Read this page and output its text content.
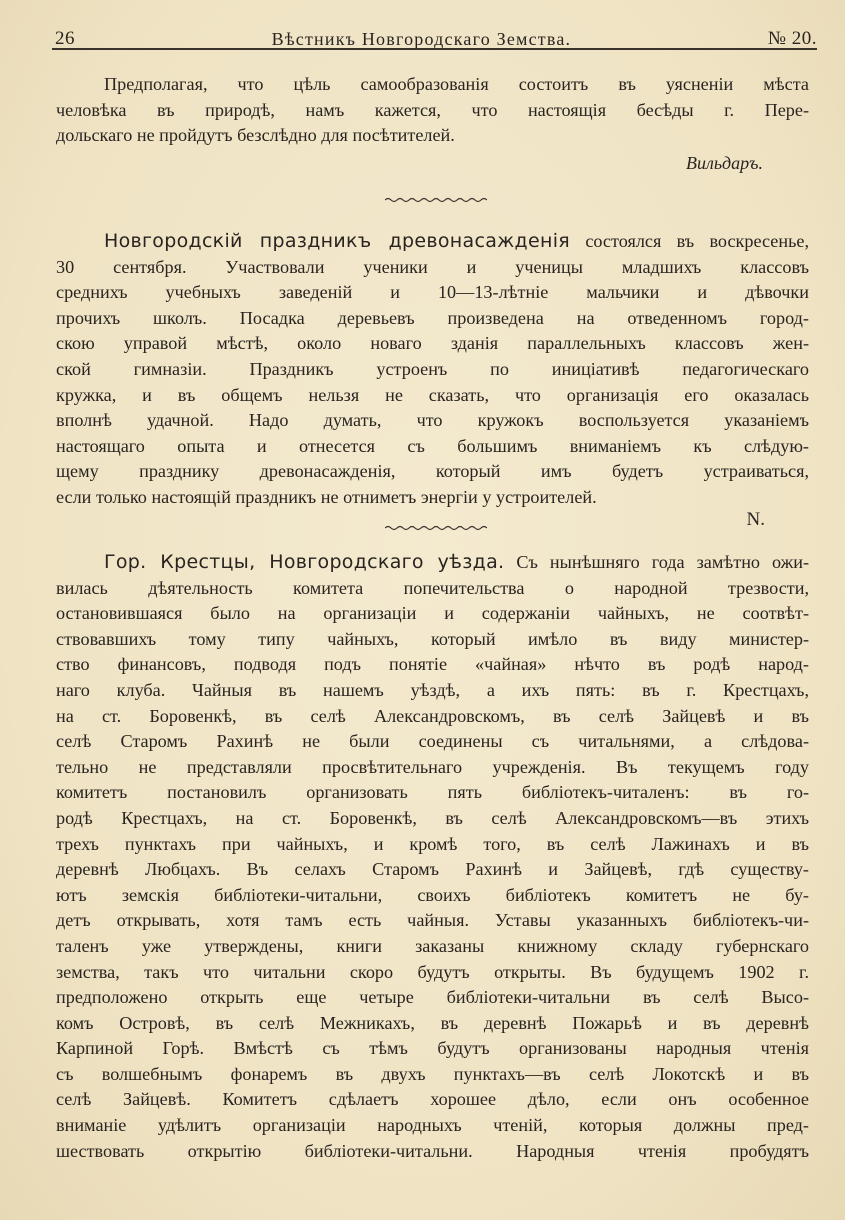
26	Вѣстникъ Новгородскаго Земства.	№ 20.
Предполагая, что цѣль самообразованія состоитъ въ уясненіи мѣста
человѣка въ природѣ, намъ кажется, что настоящія бесѣды г. Пере-
дольскаго не пройдутъ безслѣдно для посѣтителей.
Вильдаръ.
Новгородскій праздникъ древонасажденія состоялся въ воскресенье,
30 сентября. Участвовали ученики и ученицы младшихъ классовъ
среднихъ учебныхъ заведеній и 10—13-лѣтніе мальчики и дѣвочки
прочихъ школъ. Посадка деревьевъ произведена на отведенномъ город-
скою управой мѣстѣ, около новаго зданія параллельныхъ классовъ жен-
ской гимназіи. Праздникъ устроенъ по иниціативѣ педагогическаго
кружка, и въ общемъ нельзя не сказать, что организація его оказалась
вполнѣ удачной. Надо думать, что кружокъ воспользуется указаніемъ
настоящаго опыта и отнесется съ большимъ вниманіемъ къ слѣдую-
щему празднику древонасажденія, который имъ будетъ устраиваться,
если только настоящій праздникъ не отниметъ энергіи у устроителей.
N.
Гор. Крестцы, Новгородскаго уѣзда. Съ нынѣшняго года замѣтно ожи-
вилась дѣятельность комитета попечительства о народной трезвости,
остановившаяся было на организаціи и содержаніи чайныхъ, не соотвѣт-
ствовавшихъ тому типу чайныхъ, который имѣло въ виду министер-
ство финансовъ, подводя подъ понятіе «чайная» нѣчто въ родѣ народ-
наго клуба. Чайныя въ нашемъ уѣздѣ, а ихъ пять: въ г. Крестцахъ,
на ст. Боровенкѣ, въ селѣ Александровскомъ, въ селѣ Зайцевѣ и въ
селѣ Старомъ Рахинѣ не были соединены съ читальнями, а слѣдова-
тельно не представляли просвѣтительнаго учрежденія. Въ текущемъ году
комитетъ постановилъ организовать пять библіотекъ-читаленъ: въ го-
родѣ Крестцахъ, на ст. Боровенкѣ, въ селѣ Александровскомъ—въ этихъ
трехъ пунктахъ при чайныхъ, и кромѣ того, въ селѣ Лажинахъ и въ
деревнѣ Любцахъ. Въ селахъ Старомъ Рахинѣ и Зайцевѣ, гдѣ существу-
ютъ земскія библіотеки-читальни, своихъ библіотекъ комитетъ не бу-
детъ открывать, хотя тамъ есть чайныя. Уставы указанныхъ библіотекъ-чи-
таленъ уже утверждены, книги заказаны книжному складу губернскаго
земства, такъ что читальни скоро будутъ открыты. Въ будущемъ 1902 г.
предположено открыть еще четыре библіотеки-читальни въ селѣ Высо-
комъ Островѣ, въ селѣ Межникахъ, въ деревнѣ Пожарьѣ и въ деревнѣ
Карпиной Горѣ. Вмѣстѣ съ тѣмъ будутъ организованы народныя чтенія
съ волшебнымъ фонаремъ въ двухъ пунктахъ—въ селѣ Локотскѣ и въ
селѣ Зайцевѣ. Комитетъ сдѣлаетъ хорошее дѣло, если онъ особенное
вниманіе удѣлитъ организаціи народныхъ чтеній, которыя должны пред-
шествовать открытію библіотеки-читальни. Народныя чтенія пробудятъ
